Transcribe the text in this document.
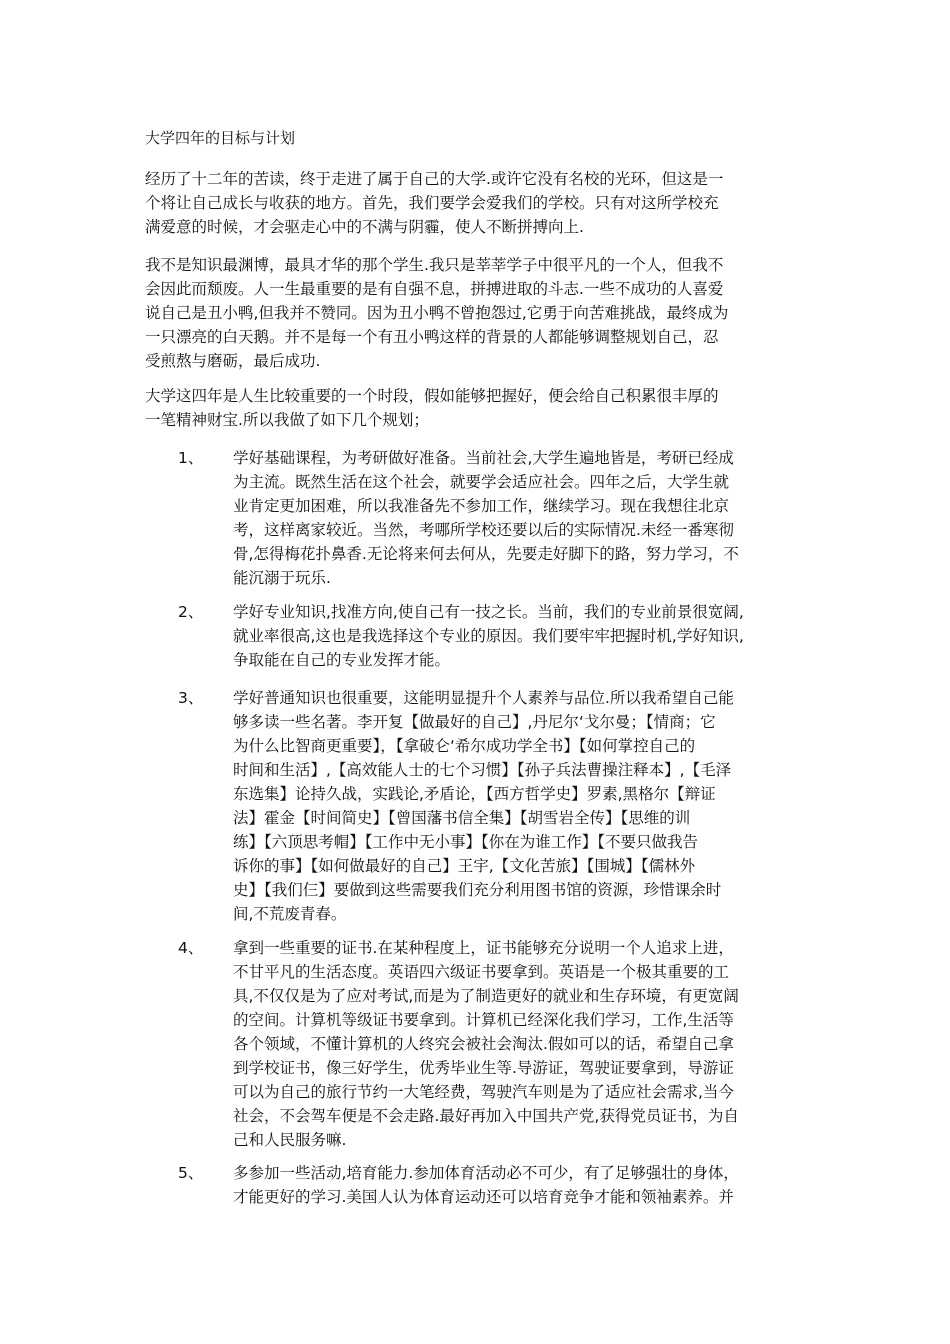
大学四年的目标与计划
经历了十二年的苦读，终于走进了属于自己的大学.或许它没有名校的光环，但这是一
个将让自己成长与收获的地方。首先，我们要学会爱我们的学校。只有对这所学校充
满爱意的时候，才会驱走心中的不满与阴霾，使人不断拼搏向上.
我不是知识最渊博，最具才华的那个学生.我只是莘莘学子中很平凡的一个人，但我不
会因此而颓废。人一生最重要的是有自强不息，拼搏进取的斗志.一些不成功的人喜爱
说自己是丑小鸭,但我并不赞同。因为丑小鸭不曾抱怨过,它勇于向苦难挑战，最终成为
一只漂亮的白天鹅。并不是每一个有丑小鸭这样的背景的人都能够调整规划自己，忍
受煎熬与磨砺，最后成功.
大学这四年是人生比较重要的一个时段，假如能够把握好，便会给自己积累很丰厚的
一笔精神财宝.所以我做了如下几个规划；
1、 学好基础课程，为考研做好准备。当前社会,大学生遍地皆是，考研已经成
为主流。既然生活在这个社会，就要学会适应社会。四年之后，大学生就
业肯定更加困难，所以我准备先不参加工作，继续学习。现在我想往北京
考，这样离家较近。当然，考哪所学校还要以后的实际情况.未经一番寒彻
骨,怎得梅花扑鼻香.无论将来何去何从，先要走好脚下的路，努力学习，不
能沉溺于玩乐.
2、 学好专业知识,找准方向,使自己有一技之长。当前，我们的专业前景很宽阔,
就业率很高,这也是我选择这个专业的原因。我们要牢牢把握时机,学好知识,
争取能在自己的专业发挥才能。
3、 学好普通知识也很重要，这能明显提升个人素养与品位.所以我希望自己能
够多读一些名著。李开复【做最好的自己】,丹尼尔‘戈尔曼；【情商；它
为什么比智商更重要】，【拿破仑‘希尔成功学全书】【如何掌控自己的
时间和生活】,【高效能人士的七个习惯】【孙子兵法曹操注释本】,【毛泽
东选集】论持久战，实践论,矛盾论，【西方哲学史】罗素,黑格尔【辩证
法】霍金【时间简史】【曾国藩书信全集】【胡雪岩全传】【思维的训
练】【六顶思考帽】【工作中无小事】【你在为谁工作】【不要只做我告
诉你的事】【如何做最好的自己】王宇,【文化苦旅】【围城】【儒林外
史】【我们仨】要做到这些需要我们充分利用图书馆的资源，珍惜课余时
间,不荒废青春。
4、 拿到一些重要的证书.在某种程度上，证书能够充分说明一个人追求上进，
不甘平凡的生活态度。英语四六级证书要拿到。英语是一个极其重要的工
具,不仅仅是为了应对考试,而是为了制造更好的就业和生存环境，有更宽阔
的空间。计算机等级证书要拿到。计算机已经深化我们学习，工作,生活等
各个领域，不懂计算机的人终究会被社会淘汰.假如可以的话，希望自己拿
到学校证书，像三好学生，优秀毕业生等.导游证，驾驶证要拿到，导游证
可以为自己的旅行节约一大笔经费，驾驶汽车则是为了适应社会需求,当今
社会，不会驾车便是不会走路.最好再加入中国共产党,获得党员证书，为自
己和人民服务嘛.
5、 多参加一些活动,培育能力.参加体育活动必不可少，有了足够强壮的身体，
才能更好的学习.美国人认为体育运动还可以培育竞争才能和领袖素养。并
